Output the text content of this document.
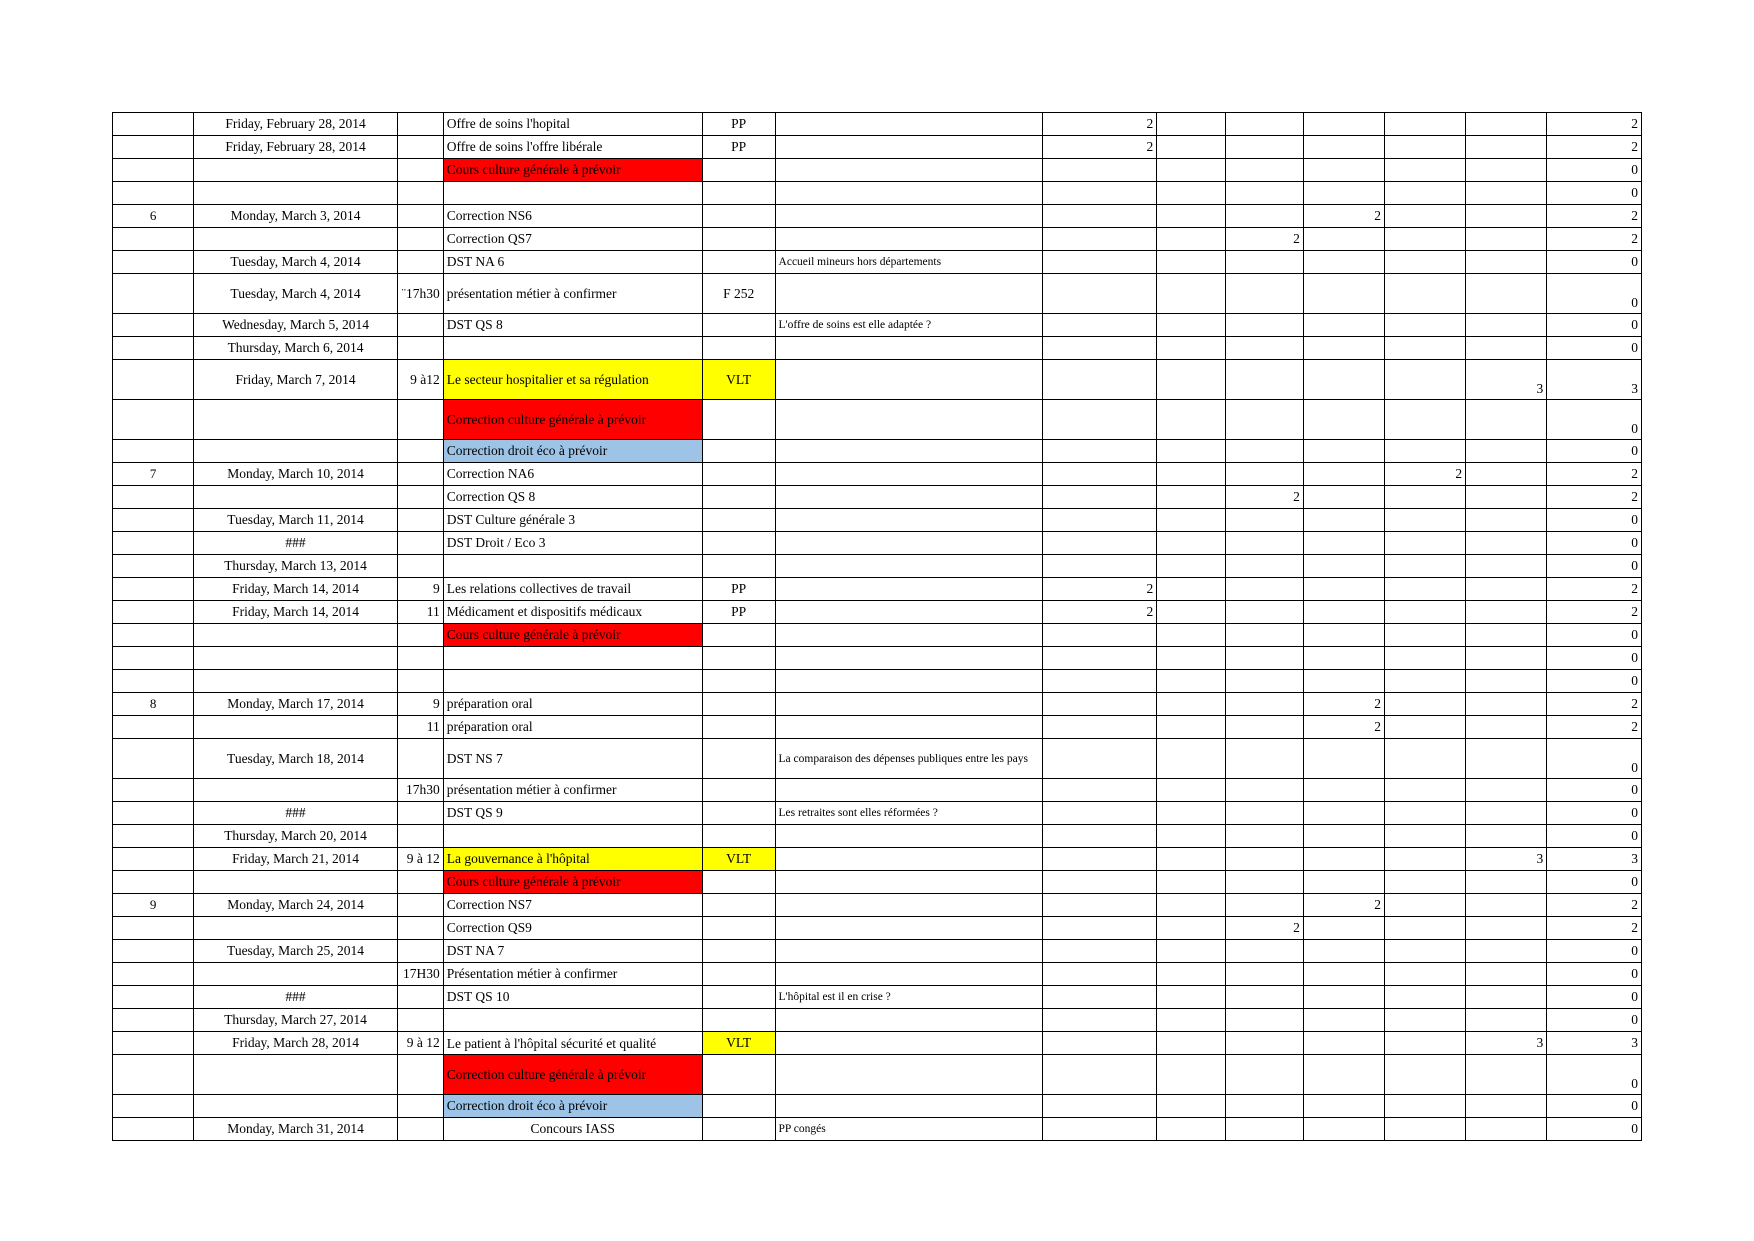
	Friday, February 28, 2014		Offre de soins l'hopital	PP		2						2

	Friday, February 28, 2014		Offre de soins l'offre libérale	PP		2						2

			Cours culture générale à prévoir									0

												0

6	Monday, March 3, 2014		Correction NS6						2			2

			Correction QS7					2				2

	Tuesday, March 4, 2014		DST NA 6		Accueil mineurs hors départements							0

	Tuesday, March 4, 2014	¨17h30	présentation métier à confirmer	F 252								0

	Wednesday, March 5, 2014		DST QS 8		L'offre de soins est elle adaptée ?							0

	Thursday, March 6, 2014											0

	Friday, March 7, 2014	9 à12	Le secteur hospitalier et sa régulation	VLT							3	3

			Correction culture générale à prévoir									0

			Correction droit éco à prévoir									0

7	Monday, March 10, 2014		Correction NA6							2		2

			Correction QS 8					2				2

	Tuesday, March 11, 2014		DST Culture générale 3									0

	###		DST Droit / Eco 3									0

	Thursday, March 13, 2014											0

	Friday, March 14, 2014	9	Les relations collectives de travail	PP		2						2

	Friday, March 14, 2014	11	Médicament et dispositifs médicaux	PP		2						2

			Cours culture générale à prévoir									0

												0

												0

8	Monday, March 17, 2014	9	préparation oral						2			2

		11	préparation oral						2			2

	Tuesday, March 18, 2014		DST NS 7		La comparaison des dépenses publiques entre les pays							0

		17h30	présentation métier à confirmer									0

	###		DST QS 9		Les retraites sont elles réformées ?							0

	Thursday, March 20, 2014											0

	Friday, March 21, 2014	9 à 12	La gouvernance à l'hôpital	VLT							3	3

			Cours culture générale à prévoir									0

9	Monday, March 24, 2014		Correction NS7						2			2

			Correction QS9					2				2

	Tuesday, March 25, 2014		DST NA 7									0

		17H30	Présentation métier à confirmer									0

	###		DST QS 10		L'hôpital est il en crise ?							0

	Thursday, March 27, 2014											0

	Friday, March 28, 2014	9 à 12	Le patient à l'hôpital sécurité et qualité	VLT							3	3

			Correction culture générale à prévoir									0

			Correction droit éco à prévoir									0

	Monday, March 31, 2014		Concours IASS		PP congés							0
